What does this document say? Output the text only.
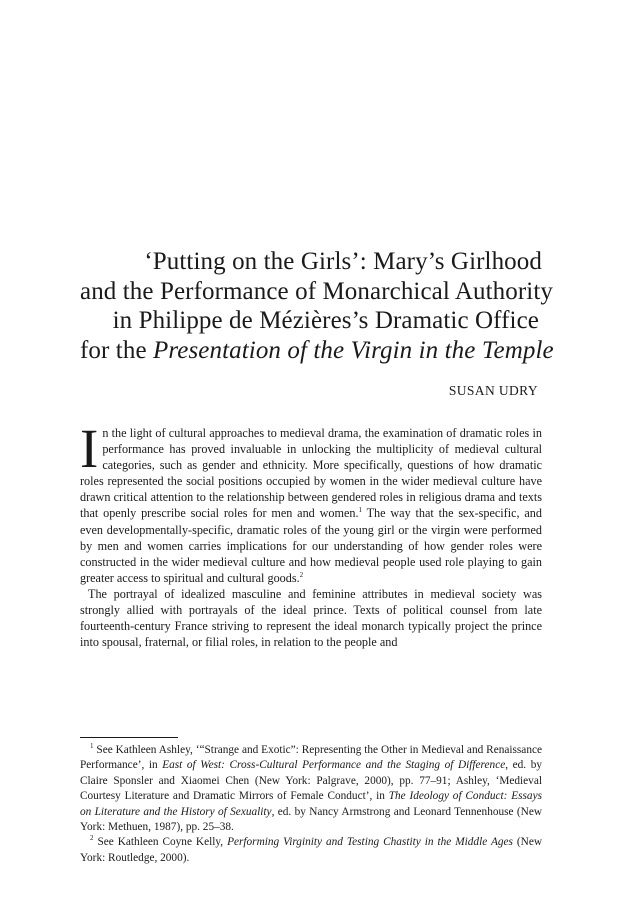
‘Putting on the Girls’: Mary’s Girlhood
and the Performance of Monarchical Authority
in Philippe de Mézières’s Dramatic Office
for the Presentation of the Virgin in the Temple
SUSAN UDRY

In the light of cultural approaches to medieval drama, the examination of dramatic roles in performance has proved invaluable in unlocking the multiplicity of medieval cultural categories, such as gender and ethnicity. More specifically, questions of how dramatic roles represented the social positions occupied by women in the wider medieval culture have drawn critical attention to the relationship between gendered roles in religious drama and texts that openly prescribe social roles for men and women.$^1$ The way that the sex-specific, and even developmentally-specific, dramatic roles of the young girl or the virgin were performed by men and women carries implications for our understanding of how gender roles were constructed in the wider medieval culture and how medieval people used role playing to gain greater access to spiritual and cultural goods.$^2$

The portrayal of idealized masculine and feminine attributes in medieval society was strongly allied with portrayals of the ideal prince. Texts of political counsel from late fourteenth-century France striving to represent the ideal monarch typically project the prince into spousal, fraternal, or filial roles, in relation to the people and

$^1$ See Kathleen Ashley, ‘“Strange and Exotic”: Representing the Other in Medieval and Renaissance Performance’, in East of West: Cross-Cultural Performance and the Staging of Difference, ed. by Claire Sponsler and Xiaomei Chen (New York: Palgrave, 2000), pp. 77–91; Ashley, ‘Medieval Courtesy Literature and Dramatic Mirrors of Female Conduct’, in The Ideology of Conduct: Essays on Literature and the History of Sexuality, ed. by Nancy Armstrong and Leonard Tennenhouse (New York: Methuen, 1987), pp. 25–38.

$^2$ See Kathleen Coyne Kelly, Performing Virginity and Testing Chastity in the Middle Ages (New York: Routledge, 2000).
